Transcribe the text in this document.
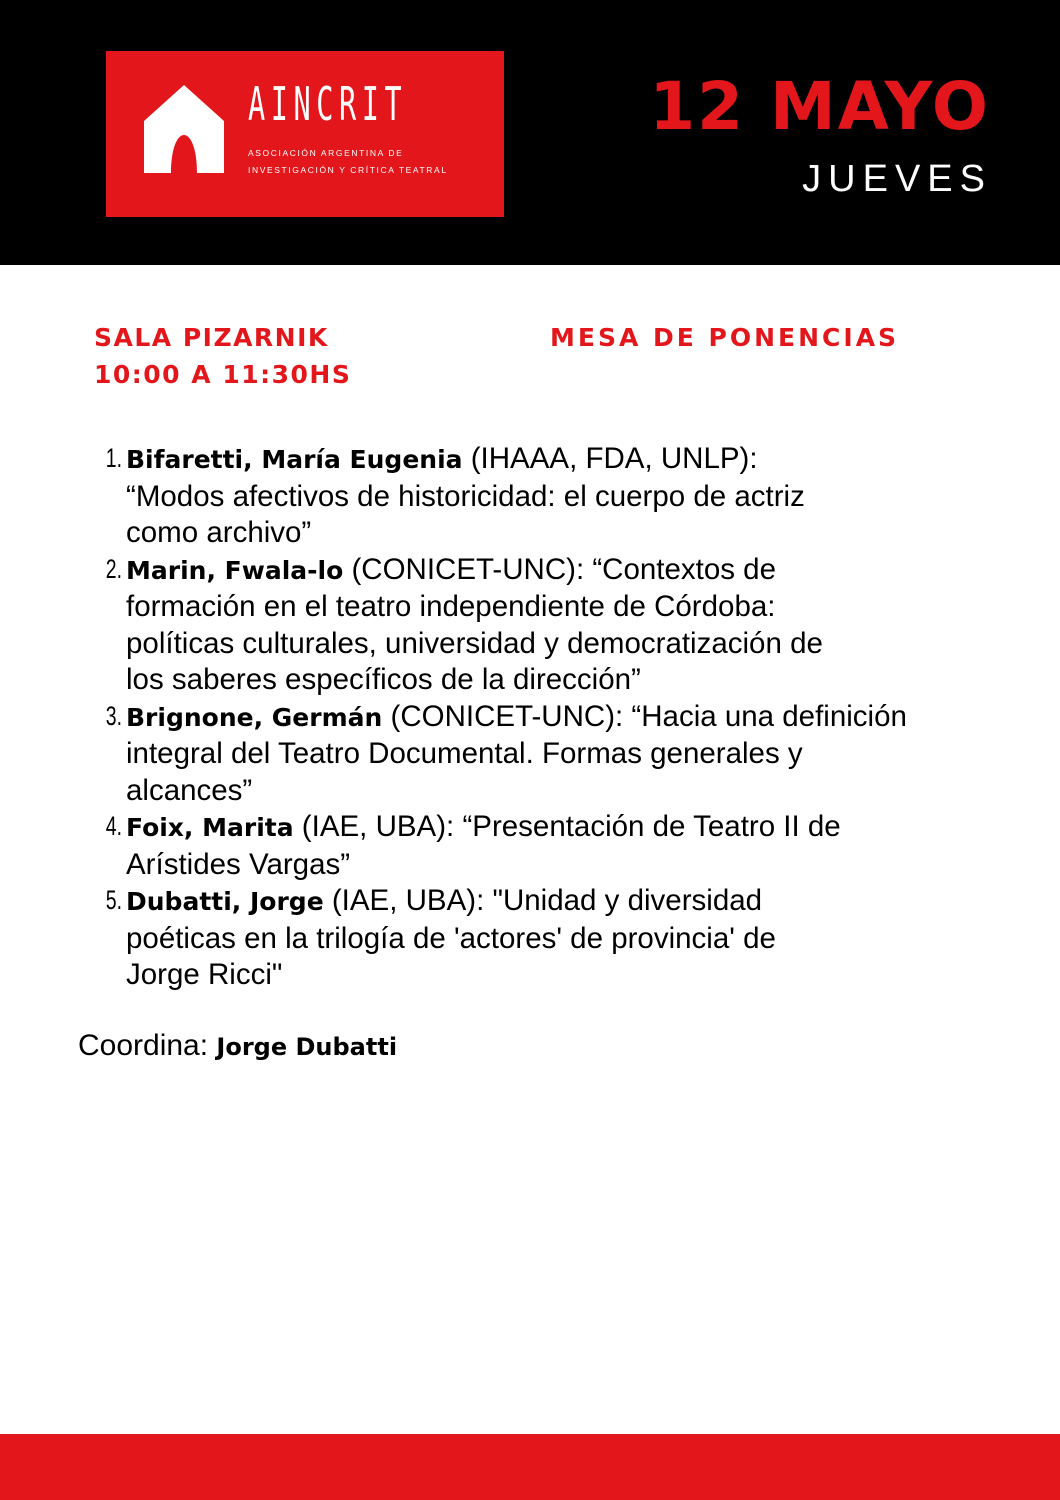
AINCRIT
ASOCIACIÓN ARGENTINA DE
INVESTIGACIÓN Y CRÍTICA TEATRAL
12 MAYO
JUEVES
SALA PIZARNIK
10:00 A 11:30HS
MESA DE PONENCIAS
1. Bifaretti, María Eugenia (IHAAA, FDA, UNLP):
“Modos afectivos de historicidad: el cuerpo de actriz
como archivo”
2. Marin, Fwala-lo (CONICET-UNC): “Contextos de
formación en el teatro independiente de Córdoba:
políticas culturales, universidad y democratización de
los saberes específicos de la dirección”
3. Brignone, Germán (CONICET-UNC): “Hacia una definición
integral del Teatro Documental. Formas generales y
alcances”
4. Foix, Marita (IAE, UBA): “Presentación de Teatro II de
Arístides Vargas”
5. Dubatti, Jorge (IAE, UBA): "Unidad y diversidad
poéticas en la trilogía de 'actores' de provincia' de
Jorge Ricci"
Coordina: Jorge Dubatti
